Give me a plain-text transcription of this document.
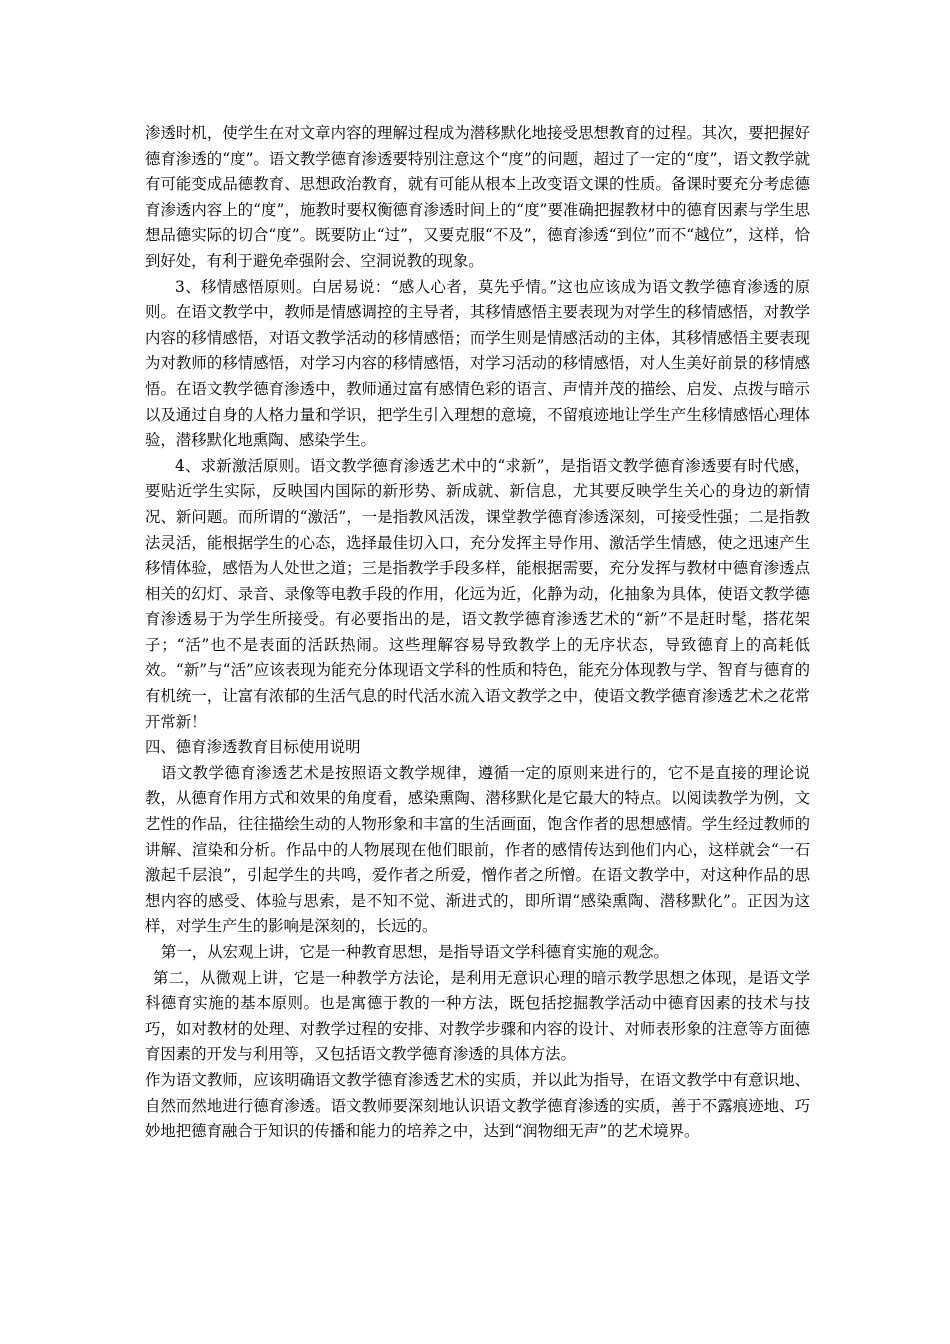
渗透时机，使学生在对文章内容的理解过程成为潜移默化地接受思想教育的过程。其次，要把握好德育渗透的“度”。语文教学德育渗透要特别注意这个“度”的问题，超过了一定的“度”，语文教学就有可能变成品德教育、思想政治教育，就有可能从根本上改变语文课的性质。备课时要充分考虑德育渗透内容上的“度”，施教时要权衡德育渗透时间上的“度”要准确把握教材中的德育因素与学生思想品德实际的切合“度”。既要防止“过”，又要克服“不及”，德育渗透“到位”而不“越位”，这样，恰到好处，有利于避免牵强附会、空洞说教的现象。

3、移情感悟原则。白居易说：“感人心者，莫先乎情。”这也应该成为语文教学德育渗透的原则。在语文教学中，教师是情感调控的主导者，其移情感悟主要表现为对学生的移情感悟，对教学内容的移情感悟，对语文教学活动的移情感悟；而学生则是情感活动的主体，其移情感悟主要表现为对教师的移情感悟，对学习内容的移情感悟，对学习活动的移情感悟，对人生美好前景的移情感悟。在语文教学德育渗透中，教师通过富有感情色彩的语言、声情并茂的描绘、启发、点拨与暗示以及通过自身的人格力量和学识，把学生引入理想的意境，不留痕迹地让学生产生移情感悟心理体验，潜移默化地熏陶、感染学生。

4、求新激活原则。语文教学德育渗透艺术中的“求新”，是指语文教学德育渗透要有时代感，要贴近学生实际，反映国内国际的新形势、新成就、新信息，尤其要反映学生关心的身边的新情况、新问题。而所谓的“激活”，一是指教风活泼，课堂教学德育渗透深刻，可接受性强；二是指教法灵活，能根据学生的心态，选择最佳切入口，充分发挥主导作用、激活学生情感，使之迅速产生移情体验，感悟为人处世之道；三是指教学手段多样，能根据需要，充分发挥与教材中德育渗透点相关的幻灯、录音、录像等电教手段的作用，化远为近，化静为动，化抽象为具体，使语文教学德育渗透易于为学生所接受。有必要指出的是，语文教学德育渗透艺术的“新”不是赶时髦，搭花架子；“活”也不是表面的活跃热闹。这些理解容易导致教学上的无序状态，导致德育上的高耗低效。“新”与“活”应该表现为能充分体现语文学科的性质和特色，能充分体现教与学、智育与德育的有机统一，让富有浓郁的生活气息的时代活水流入语文教学之中，使语文教学德育渗透艺术之花常开常新！

四、德育渗透教育目标使用说明

语文教学德育渗透艺术是按照语文教学规律，遵循一定的原则来进行的，它不是直接的理论说教，从德育作用方式和效果的角度看，感染熏陶、潜移默化是它最大的特点。以阅读教学为例，文艺性的作品，往往描绘生动的人物形象和丰富的生活画面，饱含作者的思想感情。学生经过教师的讲解、渲染和分析。作品中的人物展现在他们眼前，作者的感情传达到他们内心，这样就会“一石激起千层浪”，引起学生的共鸣，爱作者之所爱，憎作者之所憎。在语文教学中，对这种作品的思想内容的感受、体验与思索，是不知不觉、渐进式的，即所谓“感染熏陶、潜移默化”。正因为这样，对学生产生的影响是深刻的，长远的。

第一，从宏观上讲，它是一种教育思想，是指导语文学科德育实施的观念。

第二，从微观上讲，它是一种教学方法论，是利用无意识心理的暗示教学思想之体现，是语文学科德育实施的基本原则。也是寓德于教的一种方法，既包括挖掘教学活动中德育因素的技术与技巧，如对教材的处理、对教学过程的安排、对教学步骤和内容的设计、对师表形象的注意等方面德育因素的开发与利用等，又包括语文教学德育渗透的具体方法。

作为语文教师，应该明确语文教学德育渗透艺术的实质，并以此为指导，在语文教学中有意识地、自然而然地进行德育渗透。语文教师要深刻地认识语文教学德育渗透的实质，善于不露痕迹地、巧妙地把德育融合于知识的传播和能力的培养之中，达到“润物细无声”的艺术境界。
